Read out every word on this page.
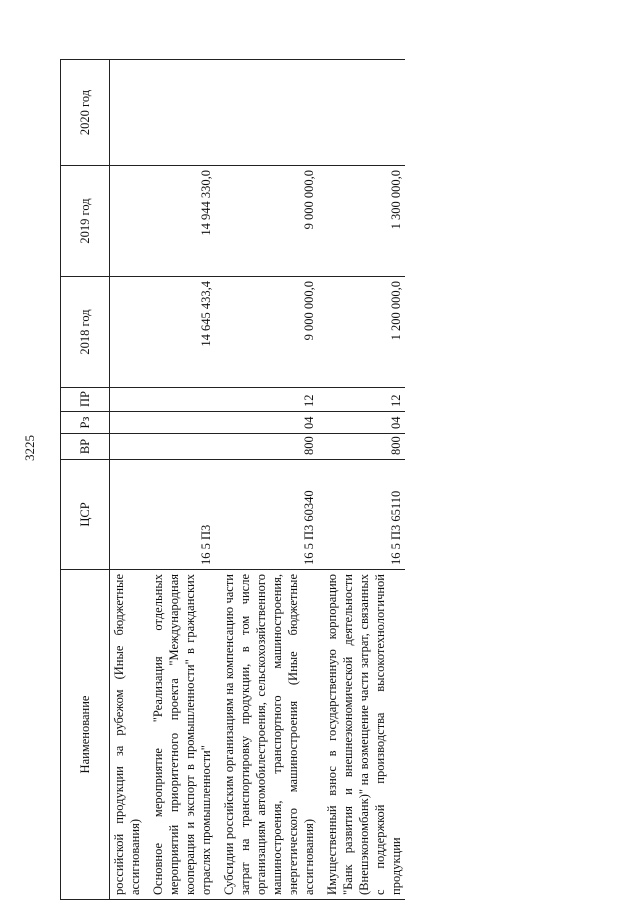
3225
Наименование	ЦСР	ВР	Рз	ПР	2018 год	2019 год	2020 год
российской продукции за рубежом (Иные бюджетные ассигнования)							
Основное мероприятие "Реализация отдельных мероприятий приоритетного проекта "Международная кооперация и экспорт в промышленности" в гражданских отраслях промышленности"	16 5 П3				14 645 433,4	14 944 330,0	
Субсидии российским организациям на компенсацию части затрат на транспортировку продукции, в том числе организациям автомобилестроения, сельскохозяйственного машиностроения, транспортного машиностроения, энергетического машиностроения (Иные бюджетные ассигнования)	16 5 П3 60340	800	04	12	9 000 000,0	9 000 000,0	
Имущественный взнос в государственную корпорацию "Банк развития и внешнеэкономической деятельности (Внешэкономбанк)" на возмещение части затрат, связанных с поддержкой производства высокотехнологичной продукции	16 5 П3 65110	800	04	12	1 200 000,0	1 300 000,0	
